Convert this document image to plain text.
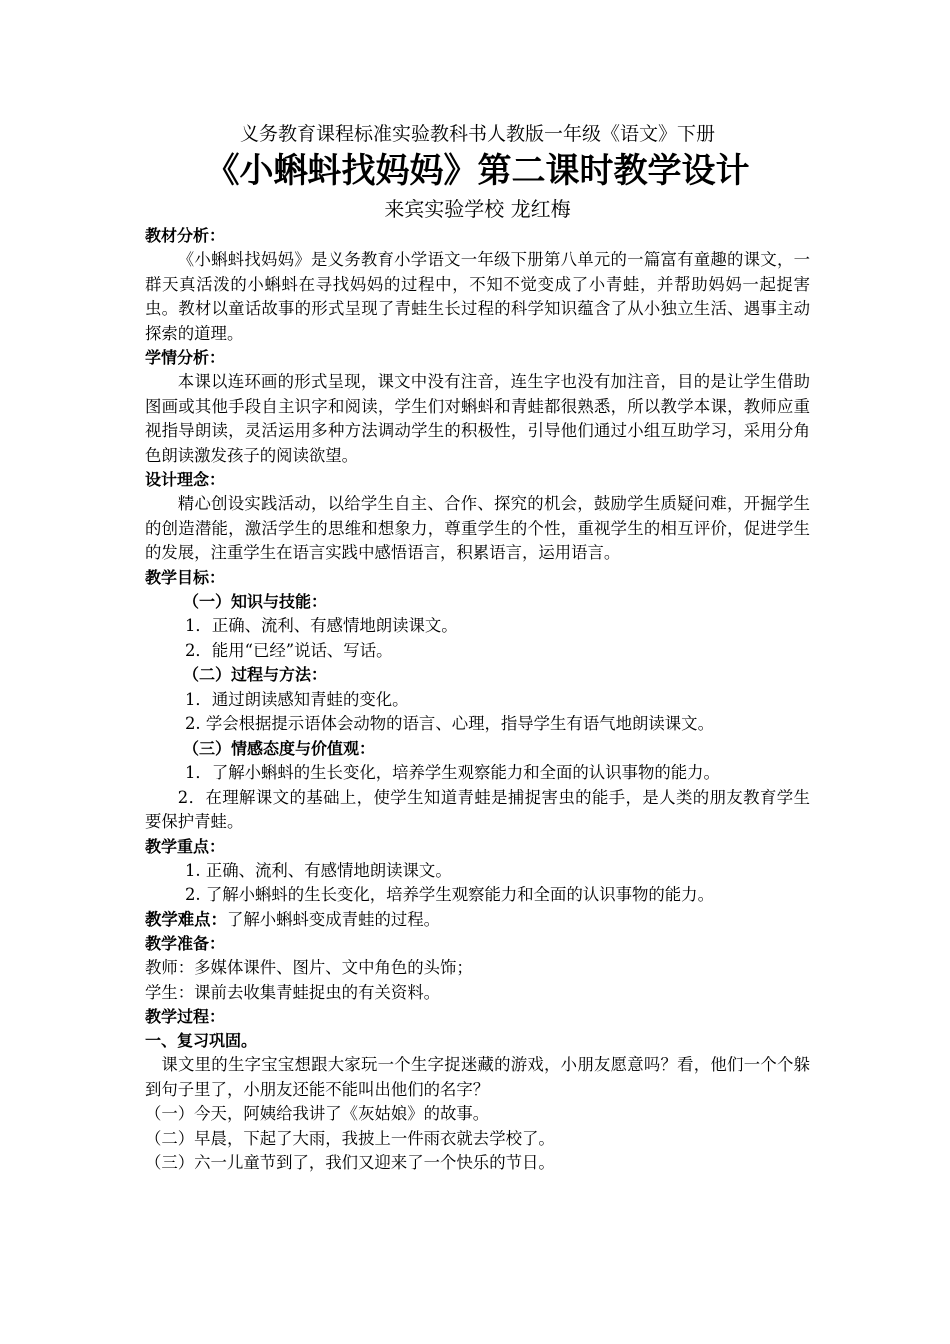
义务教育课程标准实验教科书人教版一年级《语文》下册
《小蝌蚪找妈妈》第二课时教学设计
来宾实验学校 龙红梅
教材分析：
《小蝌蚪找妈妈》是义务教育小学语文一年级下册第八单元的一篇富有童趣的课文，一群天真活泼的小蝌蚪在寻找妈妈的过程中，不知不觉变成了小青蛙，并帮助妈妈一起捉害虫。教材以童话故事的形式呈现了青蛙生长过程的科学知识蕴含了从小独立生活、遇事主动探索的道理。
学情分析：
本课以连环画的形式呈现，课文中没有注音，连生字也没有加注音，目的是让学生借助图画或其他手段自主识字和阅读，学生们对蝌蚪和青蛙都很熟悉，所以教学本课，教师应重视指导朗读，灵活运用多种方法调动学生的积极性，引导他们通过小组互助学习，采用分角色朗读激发孩子的阅读欲望。
设计理念：
精心创设实践活动，以给学生自主、合作、探究的机会，鼓励学生质疑问难，开掘学生的创造潜能，激活学生的思维和想象力，尊重学生的个性，重视学生的相互评价，促进学生的发展，注重学生在语言实践中感悟语言，积累语言，运用语言。
教学目标：
（一）知识与技能：
1．正确、流利、有感情地朗读课文。
2．能用“已经”说话、写话。
（二）过程与方法：
1．通过朗读感知青蛙的变化。
2. 学会根据提示语体会动物的语言、心理，指导学生有语气地朗读课文。
（三）情感态度与价值观：
1．了解小蝌蚪的生长变化，培养学生观察能力和全面的认识事物的能力。
2．在理解课文的基础上，使学生知道青蛙是捕捉害虫的能手，是人类的朋友教育学生要保护青蛙。
教学重点：
1. 正确、流利、有感情地朗读课文。
2. 了解小蝌蚪的生长变化，培养学生观察能力和全面的认识事物的能力。
教学难点：了解小蝌蚪变成青蛙的过程。
教学准备：
教师：多媒体课件、图片、文中角色的头饰；
学生：课前去收集青蛙捉虫的有关资料。
教学过程：
一、复习巩固。
课文里的生字宝宝想跟大家玩一个生字捉迷藏的游戏，小朋友愿意吗？看，他们一个个躲到句子里了，小朋友还能不能叫出他们的名字？
（一）今天，阿姨给我讲了《灰姑娘》的故事。
（二）早晨，下起了大雨，我披上一件雨衣就去学校了。
（三）六一儿童节到了，我们又迎来了一个快乐的节日。
